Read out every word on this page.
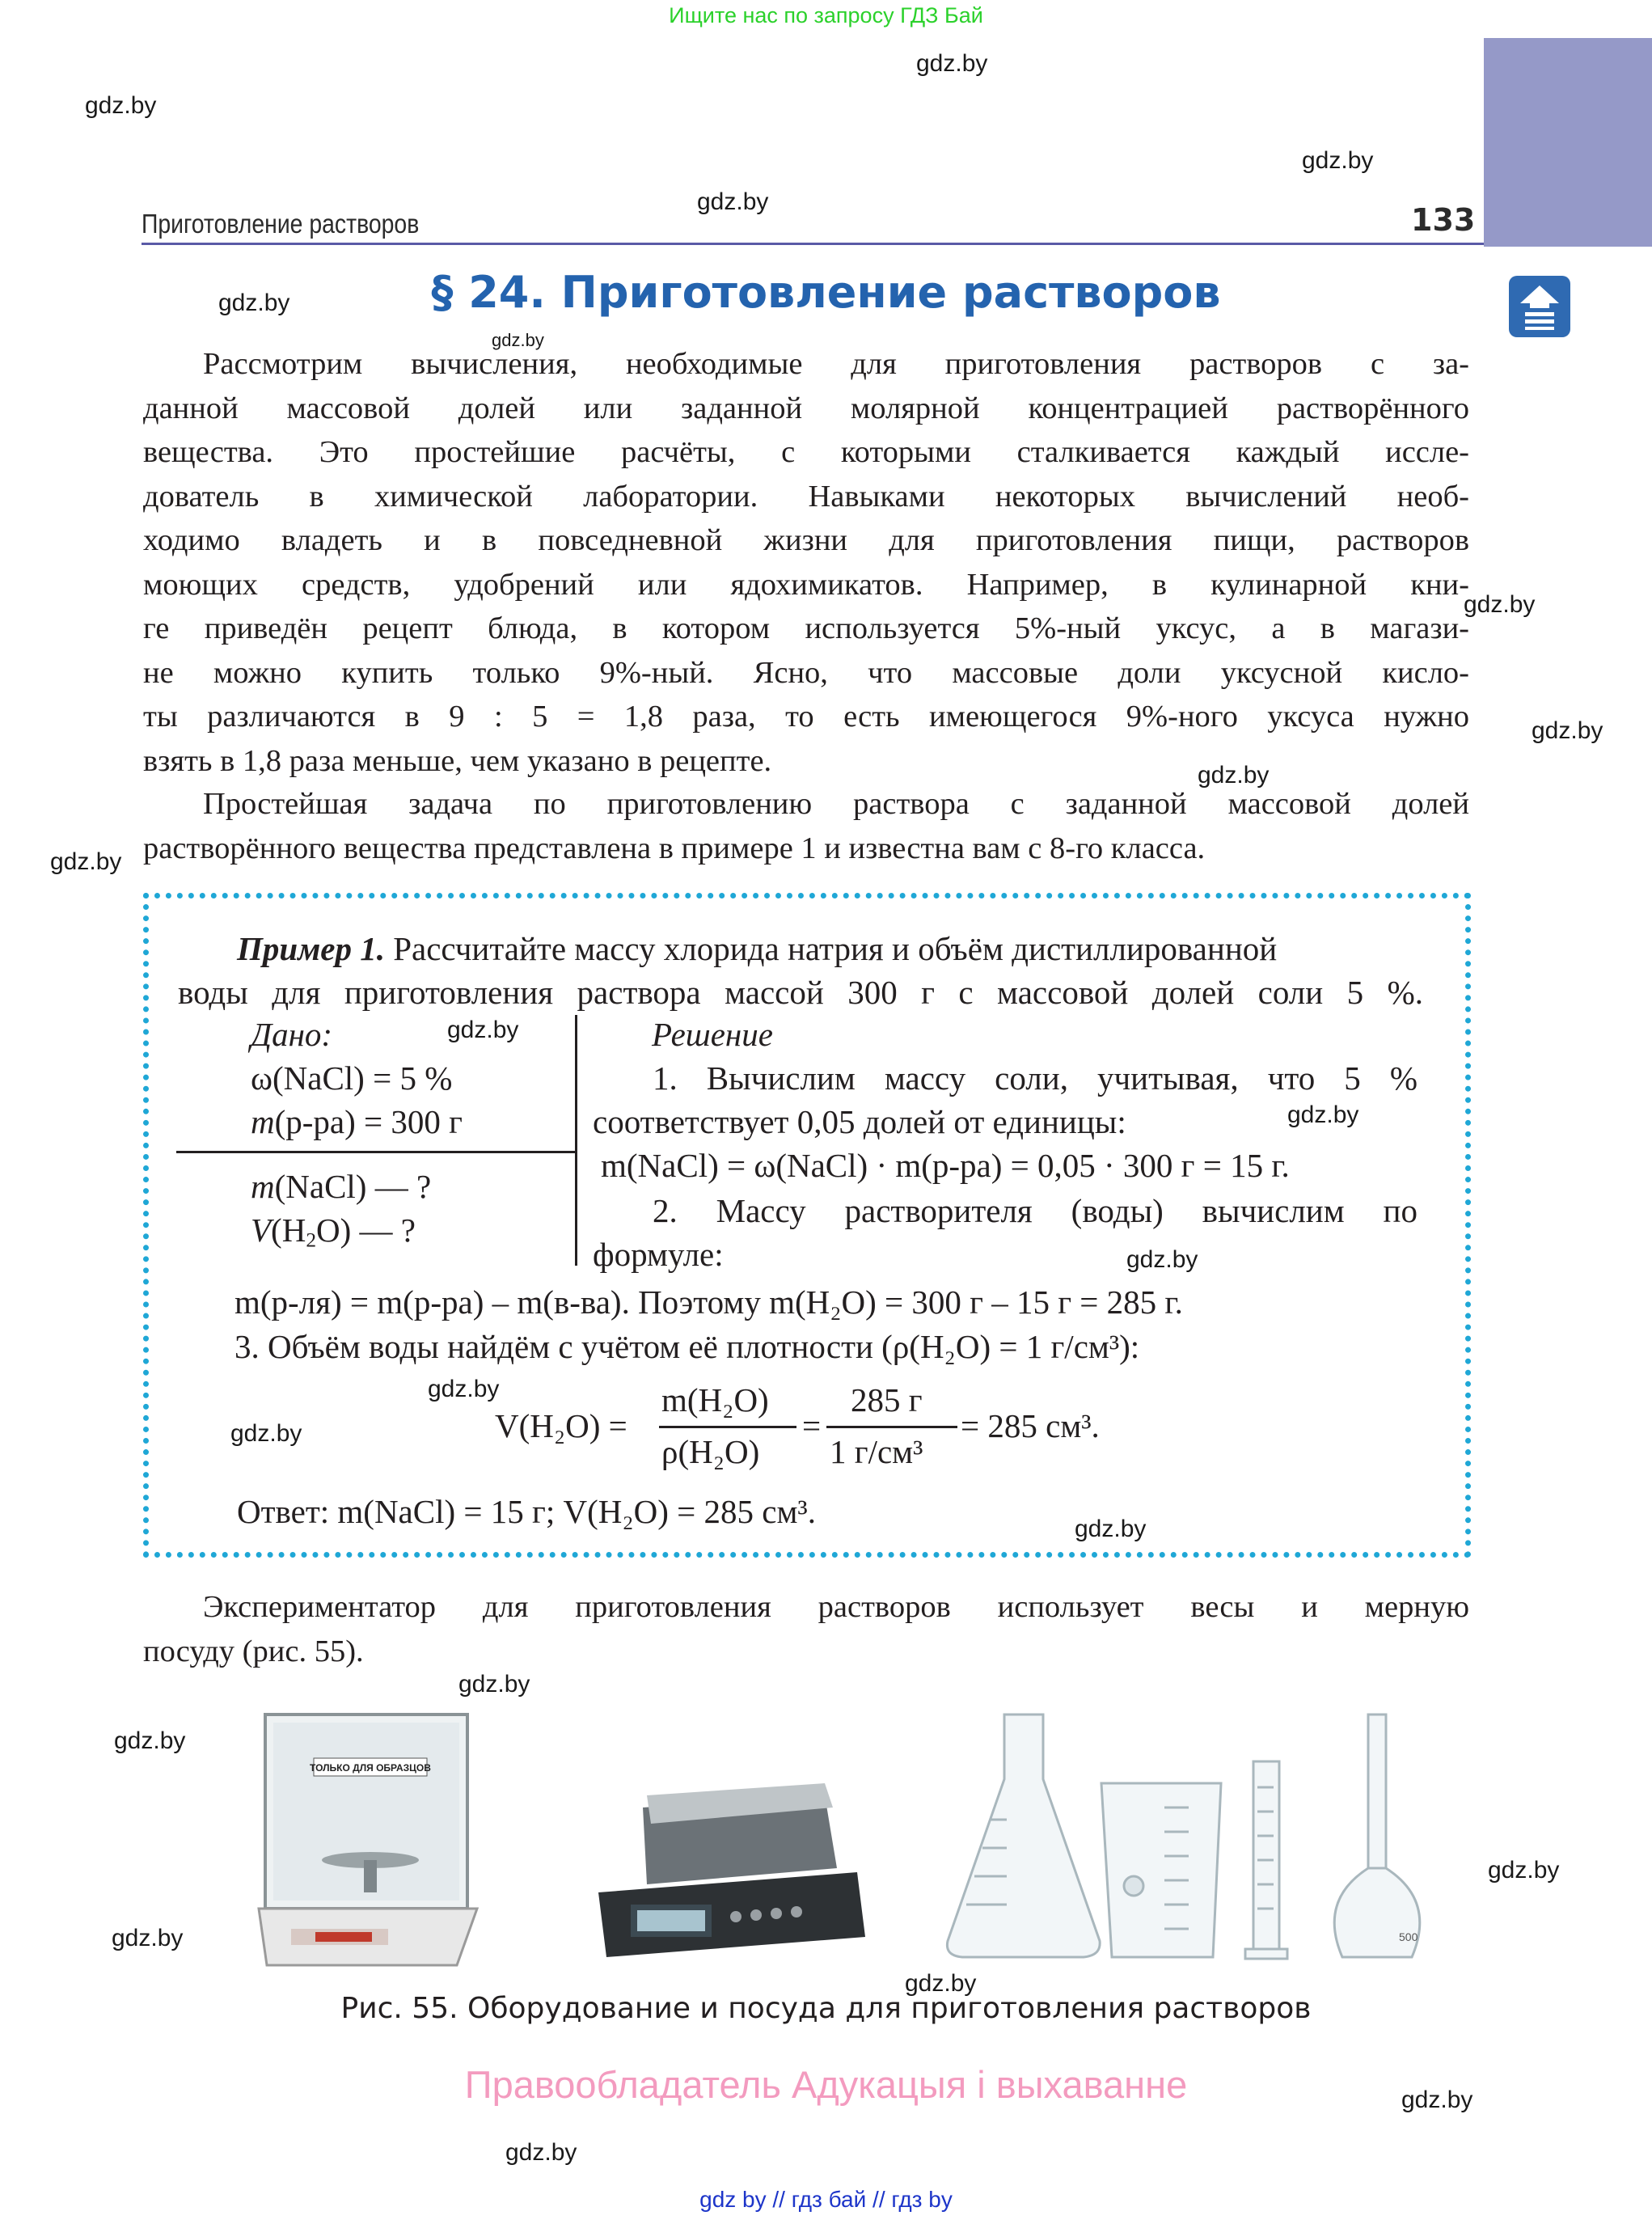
Ищите нас по запросу ГДЗ Бай
Приготовление растворов	133
§ 24. Приготовление растворов
Рассмотрим вычисления, необходимые для приготовления растворов с за-
данной массовой долей или заданной молярной концентрацией растворённого
вещества. Это простейшие расчёты, с которыми сталкивается каждый иссле-
дователь в химической лаборатории. Навыками некоторых вычислений необ-
ходимо владеть и в повседневной жизни для приготовления пищи, растворов
моющих средств, удобрений или ядохимикатов. Например, в кулинарной кни-
ге приведён рецепт блюда, в котором используется 5%-ный уксус, а в магази-
не можно купить только 9%-ный. Ясно, что массовые доли уксусной кисло-
ты различаются в 9 : 5 = 1,8 раза, то есть имеющегося 9%-ного уксуса нужно
взять в 1,8 раза меньше, чем указано в рецепте.
Простейшая задача по приготовлению раствора с заданной массовой долей
растворённого вещества представлена в примере 1 и известна вам с 8-го класса.
Пример 1. Рассчитайте массу хлорида натрия и объём дистиллированной
воды для приготовления раствора массой 300 г с массовой долей соли 5 %.
Дано:
ω(NaCl) = 5 %
m(р-ра) = 300 г
m(NaCl) — ?
$V(H_2O)$ — ?
Решение
1. Вычислим массу соли, учитывая, что 5 %
соответствует 0,05 долей от единицы:
m(NaCl) = ω(NaCl) · m(р-ра) = 0,05 · 300 г = 15 г.
2. Массу растворителя (воды) вычислим по
формуле:
m(р-ля) = m(р-ра) – m(в-ва). Поэтому m(H₂O) = 300 г – 15 г = 285 г.
3. Объём воды найдём с учётом её плотности (ρ(H₂O) = 1 г/см³):
V(H₂O) =
m(H₂O)
ρ(H₂O)
=
285 г
1 г/см³
= 285 см³.
Ответ: m(NaCl) = 15 г; V(H₂O) = 285 см³.
Экспериментатор для приготовления растворов использует весы и мерную
посуду (рис. 55).
ТОЛЬКО ДЛЯ ОБРАЗЦОВ
500
Рис. 55. Оборудование и посуда для приготовления растворов
Правообладатель Адукацыя і выхаванне
gdz by // гдз бай // гдз by
gdz.by
gdz.by
gdz.by
gdz.by
gdz.by
gdz.by
gdz.by
gdz.by
gdz.by
gdz.by
gdz.by
gdz.by
gdz.by
gdz.by
gdz.by
gdz.by
gdz.by
gdz.by
gdz.by
gdz.by
gdz.by
gdz.by
gdz.by
